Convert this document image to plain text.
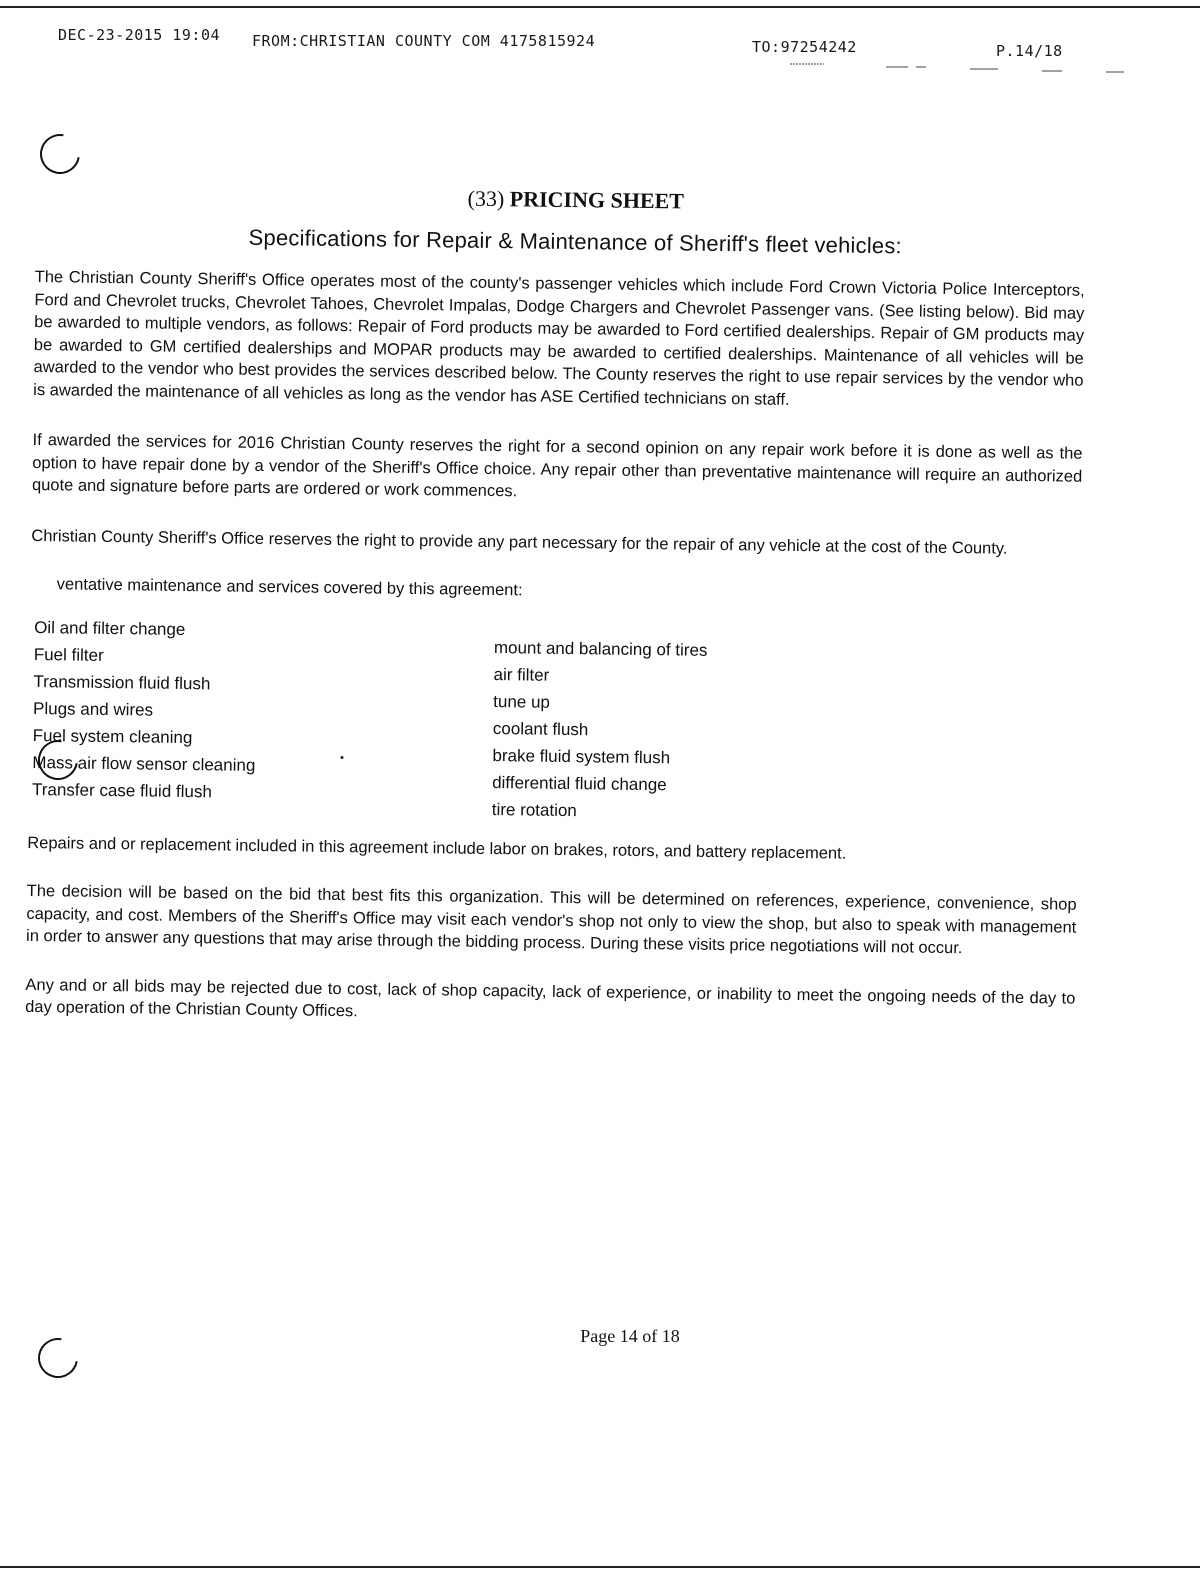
DEC-23-2015 19:04 FROM:CHRISTIAN COUNTY COM 4175815924	TO:97254242	P.14/18
(33) PRICING SHEET
Specifications for Repair & Maintenance of Sheriff's fleet vehicles:

The Christian County Sheriff's Office operates most of the county's passenger vehicles which include Ford Crown Victoria Police Interceptors, Ford and Chevrolet trucks, Chevrolet Tahoes, Chevrolet Impalas, Dodge Chargers and Chevrolet Passenger vans. (See listing below). Bid may be awarded to multiple vendors, as follows: Repair of Ford products may be awarded to Ford certified dealerships. Repair of GM products may be awarded to GM certified dealerships and MOPAR products may be awarded to certified dealerships. Maintenance of all vehicles will be awarded to the vendor who best provides the services described below. The County reserves the right to use repair services by the vendor who is awarded the maintenance of all vehicles as long as the vendor has ASE Certified technicians on staff.

If awarded the services for 2016 Christian County reserves the right for a second opinion on any repair work before it is done as well as the option to have repair done by a vendor of the Sheriff's Office choice. Any repair other than preventative maintenance will require an authorized quote and signature before parts are ordered or work commences.

Christian County Sheriff's Office reserves the right to provide any part necessary for the repair of any vehicle at the cost of the County.

ventative maintenance and services covered by this agreement:

Oil and filter change
Fuel filter
Transmission fluid flush
Plugs and wires
Fuel system cleaning
Mass air flow sensor cleaning
Transfer case fluid flush
mount and balancing of tires
air filter
tune up
coolant flush
brake fluid system flush
differential fluid change
tire rotation

Repairs and or replacement included in this agreement include labor on brakes, rotors, and battery replacement.

The decision will be based on the bid that best fits this organization. This will be determined on references, experience, convenience, shop capacity, and cost. Members of the Sheriff's Office may visit each vendor's shop not only to view the shop, but also to speak with management in order to answer any questions that may arise through the bidding process. During these visits price negotiations will not occur.

Any and or all bids may be rejected due to cost, lack of shop capacity, lack of experience, or inability to meet the ongoing needs of the day to day operation of the Christian County Offices.

Page 14 of 18
